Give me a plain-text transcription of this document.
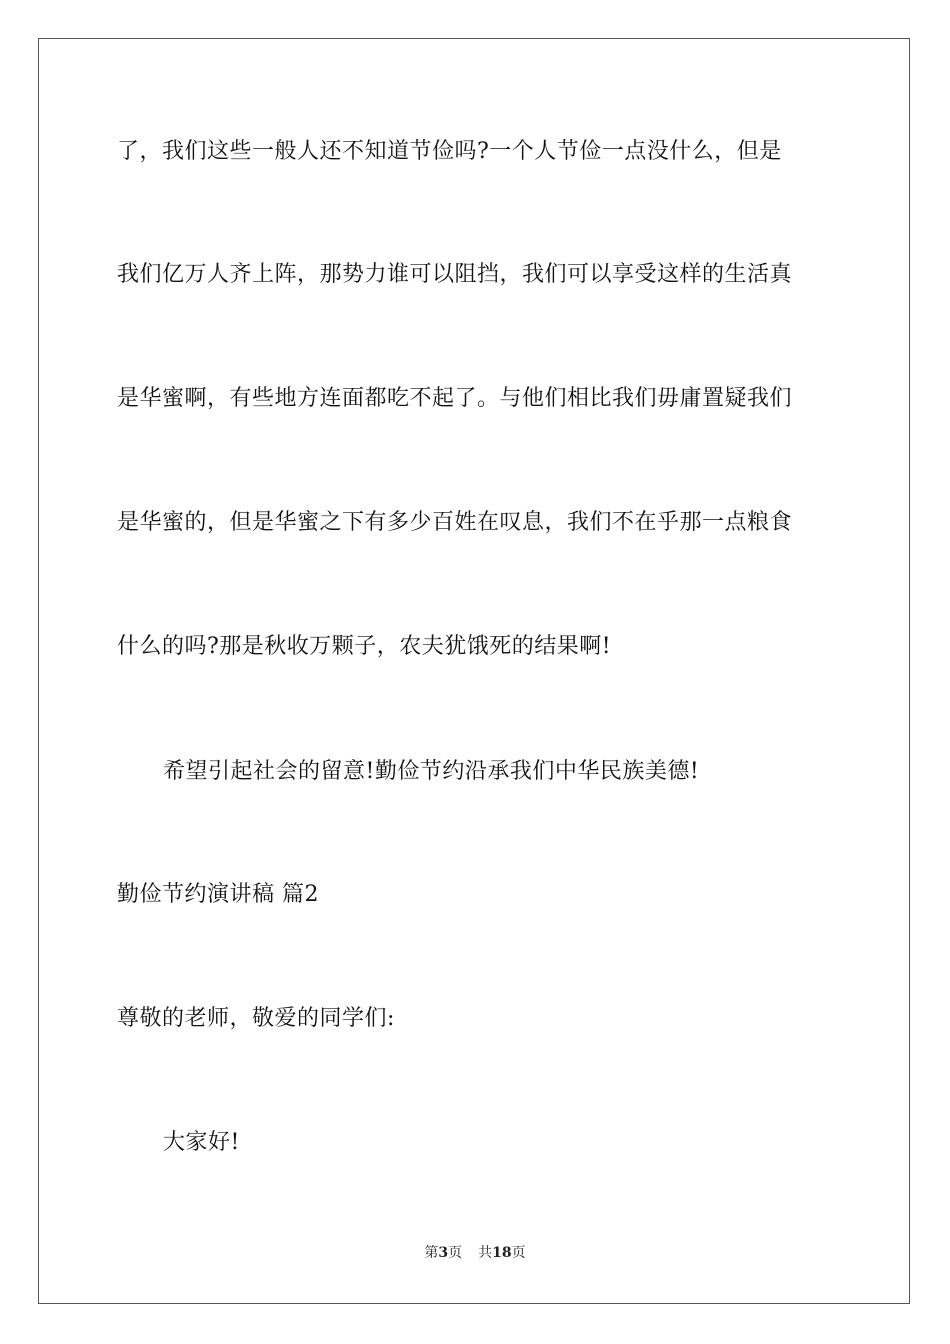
了，我们这些一般人还不知道节俭吗?一个人节俭一点没什么，但是
我们亿万人齐上阵，那势力谁可以阻挡，我们可以享受这样的生活真
是华蜜啊，有些地方连面都吃不起了。与他们相比我们毋庸置疑我们
是华蜜的，但是华蜜之下有多少百姓在叹息，我们不在乎那一点粮食
什么的吗?那是秋收万颗子，农夫犹饿死的结果啊!
希望引起社会的留意!勤俭节约沿承我们中华民族美德!
勤俭节约演讲稿 篇2
尊敬的老师，敬爱的同学们:
大家好!
第3页 共18页
